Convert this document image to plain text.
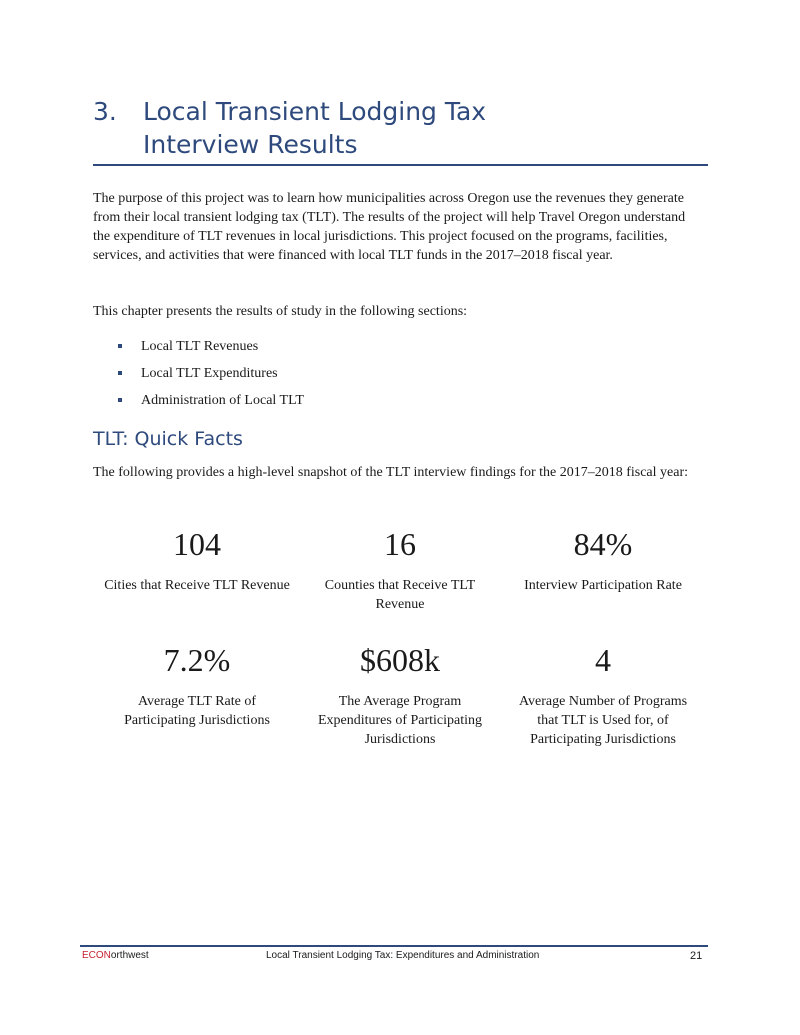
3. Local Transient Lodging Tax
Interview Results

The purpose of this project was to learn how municipalities across Oregon use the revenues they generate from their local transient lodging tax (TLT). The results of the project will help Travel Oregon understand the expenditure of TLT revenues in local jurisdictions. This project focused on the programs, facilities, services, and activities that were financed with local TLT funds in the 2017–2018 fiscal year.

This chapter presents the results of study in the following sections:

Local TLT Revenues
Local TLT Expenditures
Administration of Local TLT
TLT: Quick Facts

The following provides a high-level snapshot of the TLT interview findings for the 2017–2018 fiscal year:

104
Cities that Receive TLT Revenue
16
Counties that Receive TLT Revenue
84%
Interview Participation Rate
7.2%
Average TLT Rate of Participating Jurisdictions
$608k
The Average Program Expenditures of Participating Jurisdictions
4
Average Number of Programs that TLT is Used for, of Participating Jurisdictions
ECONorthwest	Local Transient Lodging Tax: Expenditures and Administration	21
